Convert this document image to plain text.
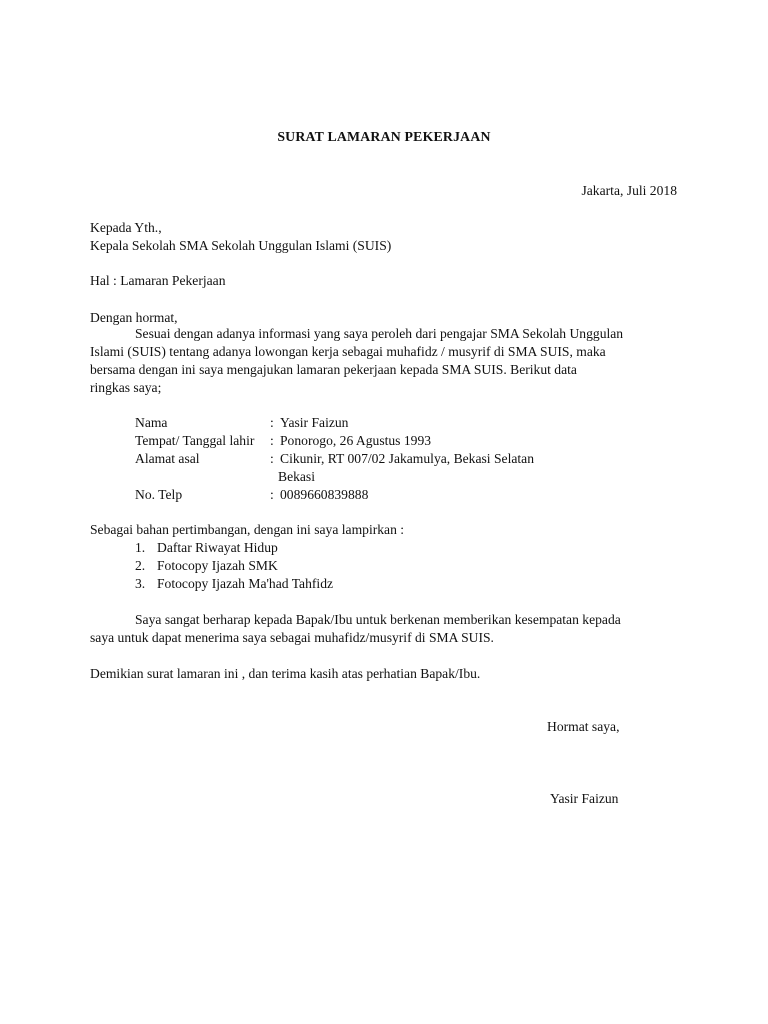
SURAT LAMARAN PEKERJAAN
Jakarta, Juli 2018
Kepada Yth.,
Kepala Sekolah SMA Sekolah Unggulan Islami (SUIS)
Hal : Lamaran Pekerjaan
Dengan hormat,
Sesuai dengan adanya informasi yang saya peroleh dari pengajar SMA Sekolah Unggulan
Islami (SUIS) tentang adanya lowongan kerja sebagai muhafidz / musyrif di SMA SUIS, maka
bersama dengan ini saya mengajukan lamaran pekerjaan kepada SMA SUIS. Berikut data
ringkas saya;
Nama	: Yasir Faizun
Tempat/ Tanggal lahir : Ponorogo, 26 Agustus 1993
Alamat asal	: Cikunir, RT 007/02 Jakamulya, Bekasi Selatan
Bekasi
No. Telp	: 0089660839888
Sebagai bahan pertimbangan, dengan ini saya lampirkan :
1. Daftar Riwayat Hidup
2. Fotocopy Ijazah SMK
3. Fotocopy Ijazah Ma'had Tahfidz
Saya sangat berharap kepada Bapak/Ibu untuk berkenan memberikan kesempatan kepada
saya untuk dapat menerima saya sebagai muhafidz/musyrif di SMA SUIS.
Demikian surat lamaran ini , dan terima kasih atas perhatian Bapak/Ibu.
Hormat saya,
Yasir Faizun
